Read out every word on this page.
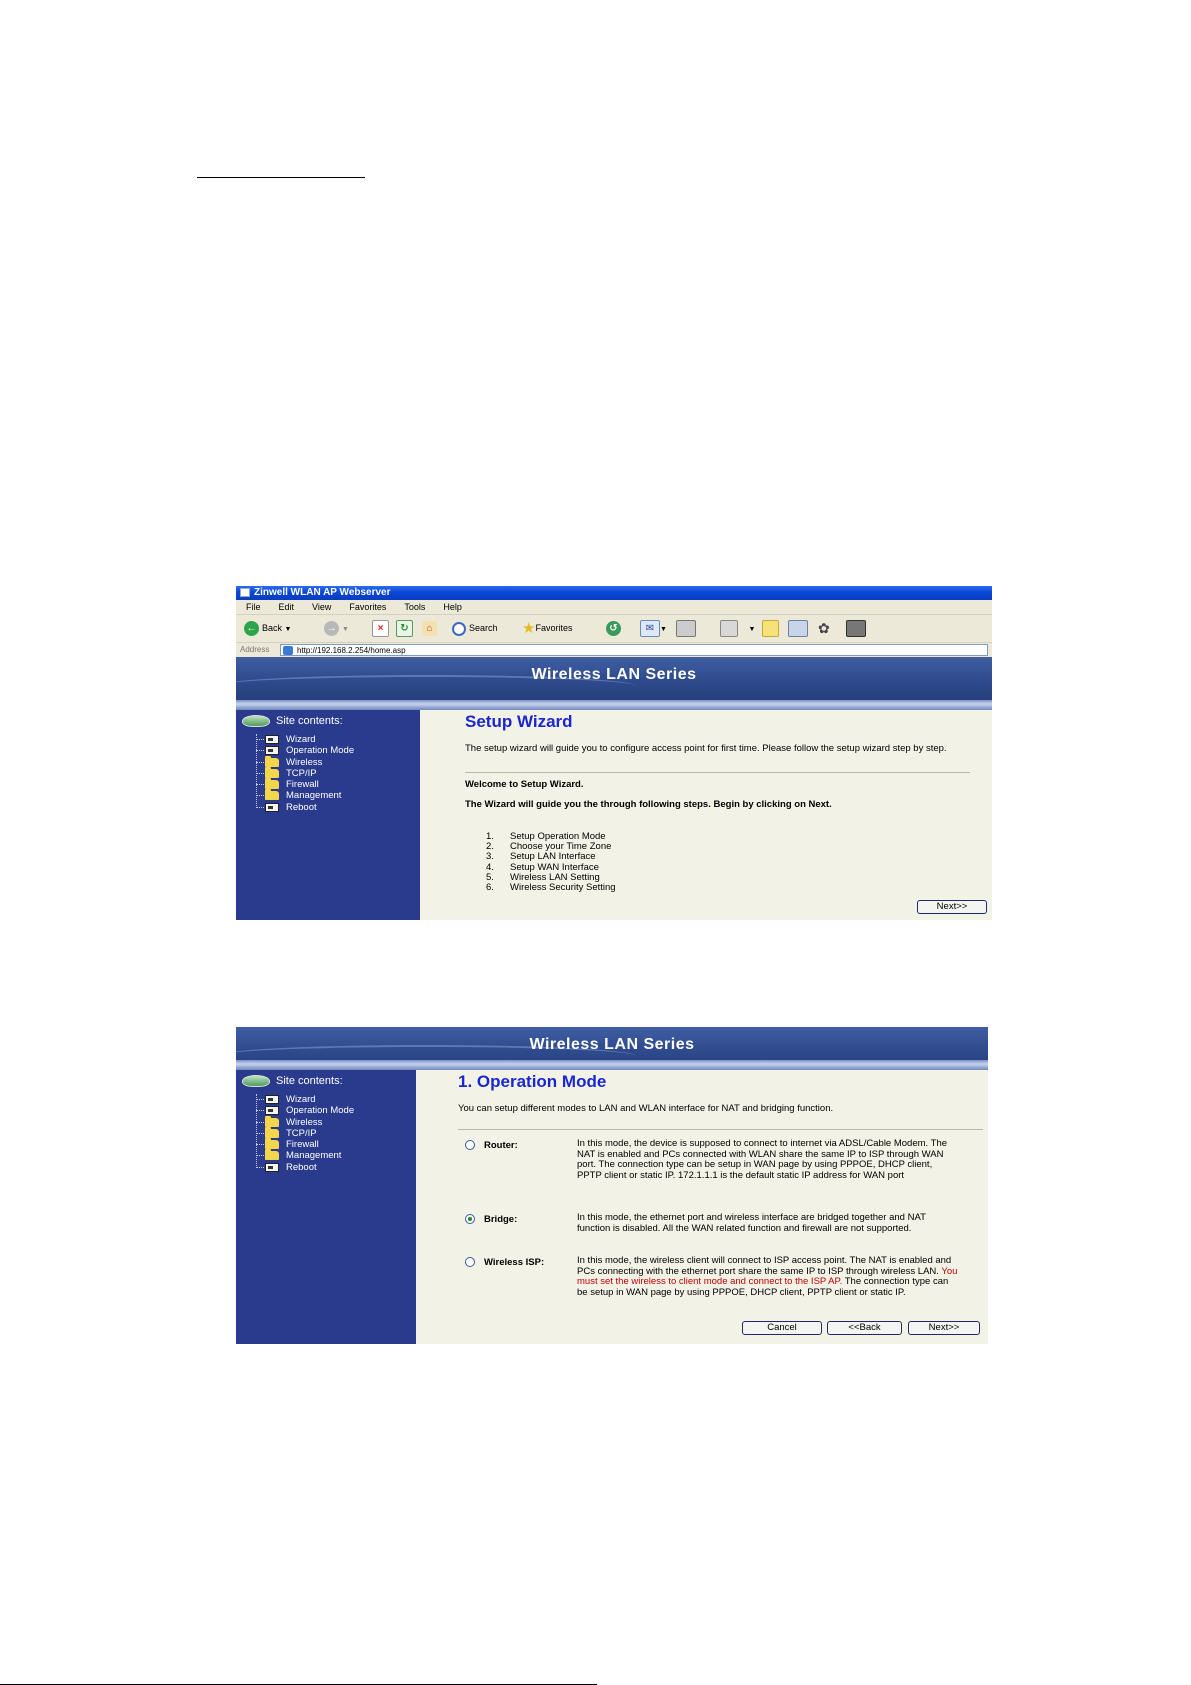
Zinwell WLAN AP Webserver
File Edit View Favorites Tools Help
← Back ▼	→ ▼	×	↻	⌂	Search ★Favorites	↺	✉ ▼	▼	✿
Address	http://192.168.2.254/home.asp
Wireless LAN Series
Site contents:
Wizard
Operation Mode
Wireless
TCP/IP
Firewall
Management
Reboot
Setup Wizard
The setup wizard will guide you to configure access point for first time. Please follow the setup wizard step by step.
Welcome to Setup Wizard.
The Wizard will guide you the through following steps. Begin by clicking on Next.
1. Setup Operation Mode
2. Choose your Time Zone
3. Setup LAN Interface
4. Setup WAN Interface
5. Wireless LAN Setting
6. Wireless Security Setting
Next>>
Wireless LAN Series
Site contents:
Wizard
Operation Mode
Wireless
TCP/IP
Firewall
Management
Reboot
1. Operation Mode
You can setup different modes to LAN and WLAN interface for NAT and bridging function.
Router:	In this mode, the device is supposed to connect to internet via ADSL/Cable Modem. The NAT is enabled and PCs connected with WLAN share the same IP to ISP through WAN port. The connection type can be setup in WAN page by using PPPOE, DHCP client, PPTP client or static IP. 172.1.1.1 is the default static IP address for WAN port
Bridge:	In this mode, the ethernet port and wireless interface are bridged together and NAT function is disabled. All the WAN related function and firewall are not supported.
Wireless ISP:	In this mode, the wireless client will connect to ISP access point. The NAT is enabled and PCs connecting with the ethernet port share the same IP to ISP through wireless LAN. You must set the wireless to client mode and connect to the ISP AP. The connection type can be setup in WAN page by using PPPOE, DHCP client, PPTP client or static IP.
Cancel	<<Back	Next>>
